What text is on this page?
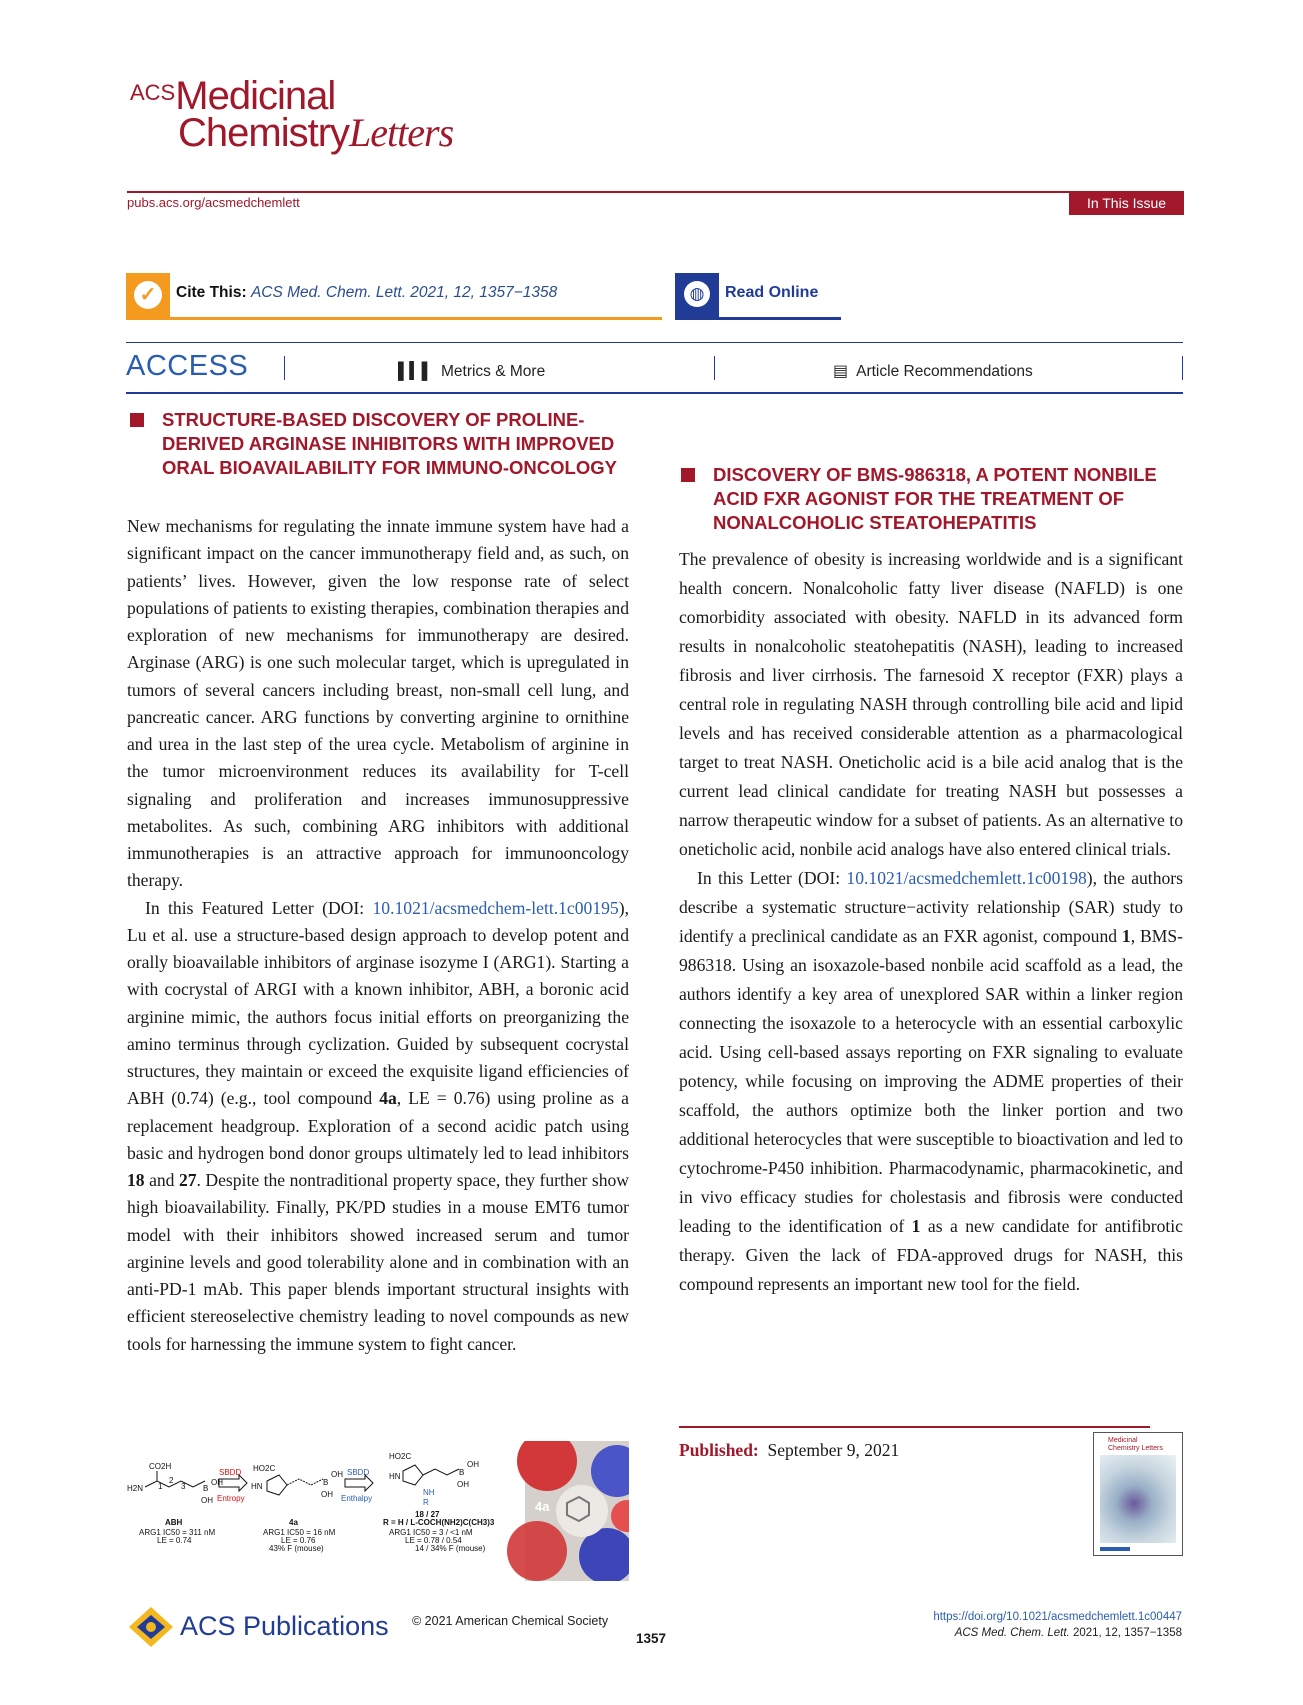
ACSMedicinal
ChemistryLetters
pubs.acs.org/acsmedchemlett	In This Issue
✓	Cite This: ACS Med. Chem. Lett. 2021, 12, 1357−1358	◍	Read Online
ACCESS	▌▍▌ Metrics & More	▤ Article Recommendations
STRUCTURE-BASED DISCOVERY OF PROLINE-DERIVED ARGINASE INHIBITORS WITH IMPROVED ORAL BIOAVAILABILITY FOR IMMUNO-ONCOLOGY

New mechanisms for regulating the innate immune system have had a significant impact on the cancer immunotherapy field and, as such, on patients’ lives. However, given the low response rate of select populations of patients to existing therapies, combination therapies and exploration of new mechanisms for immunotherapy are desired. Arginase (ARG) is one such molecular target, which is upregulated in tumors of several cancers including breast, non-small cell lung, and pancreatic cancer. ARG functions by converting arginine to ornithine and urea in the last step of the urea cycle. Metabolism of arginine in the tumor microenvironment reduces its availability for T-cell signaling and proliferation and increases immunosuppressive metabolites. As such, combining ARG inhibitors with additional immunotherapies is an attractive approach for immunooncology therapy.

In this Featured Letter (DOI: 10.1021/acsmedchem-lett.1c00195), Lu et al. use a structure-based design approach to develop potent and orally bioavailable inhibitors of arginase isozyme I (ARG1). Starting a with cocrystal of ARGI with a known inhibitor, ABH, a boronic acid arginine mimic, the authors focus initial efforts on preorganizing the amino terminus through cyclization. Guided by subsequent cocrystal structures, they maintain or exceed the exquisite ligand efficiencies of ABH (0.74) (e.g., tool compound 4a, LE = 0.76) using proline as a replacement headgroup. Exploration of a second acidic patch using basic and hydrogen bond donor groups ultimately led to lead inhibitors 18 and 27. Despite the nontraditional property space, they further show high bioavailability. Finally, PK/PD studies in a mouse EMT6 tumor model with their inhibitors showed increased serum and tumor arginine levels and good tolerability alone and in combination with an anti-PD-1 mAb. This paper blends important structural insights with efficient stereoselective chemistry leading to novel compounds as new tools for harnessing the immune system to fight cancer.

CO2H
H2N 1
2
3 B
OH
OH
ABH
ARG1 IC50 = 311 nM
LE = 0.74
SBDD
Entropy
HO2C
HN	B
OH
OH
4a
ARG1 IC50 = 16 nM
LE = 0.76
43% F (mouse)
SBDD
Enthalpy
HO2C
HN	B
OH
OH
NH
R
18 / 27
R = H / L-COCH(NH2)C(CH3)3
ARG1 IC50 = 3 / <1 nM
LE = 0.78 / 0.54
14 / 34% F (mouse)
4a
DISCOVERY OF BMS-986318, A POTENT NONBILE ACID FXR AGONIST FOR THE TREATMENT OF NONALCOHOLIC STEATOHEPATITIS

The prevalence of obesity is increasing worldwide and is a significant health concern. Nonalcoholic fatty liver disease (NAFLD) is one comorbidity associated with obesity. NAFLD in its advanced form results in nonalcoholic steatohepatitis (NASH), leading to increased fibrosis and liver cirrhosis. The farnesoid X receptor (FXR) plays a central role in regulating NASH through controlling bile acid and lipid levels and has received considerable attention as a pharmacological target to treat NASH. Oneticholic acid is a bile acid analog that is the current lead clinical candidate for treating NASH but possesses a narrow therapeutic window for a subset of patients. As an alternative to oneticholic acid, nonbile acid analogs have also entered clinical trials.

In this Letter (DOI: 10.1021/acsmedchemlett.1c00198), the authors describe a systematic structure−activity relationship (SAR) study to identify a preclinical candidate as an FXR agonist, compound 1, BMS-986318. Using an isoxazole-based nonbile acid scaffold as a lead, the authors identify a key area of unexplored SAR within a linker region connecting the isoxazole to a heterocycle with an essential carboxylic acid. Using cell-based assays reporting on FXR signaling to evaluate potency, while focusing on improving the ADME properties of their scaffold, the authors optimize both the linker portion and two additional heterocycles that were susceptible to bioactivation and led to cytochrome-P450 inhibition. Pharmacodynamic, pharmacokinetic, and in vivo efficacy studies for cholestasis and fibrosis were conducted leading to the identification of 1 as a new candidate for antifibrotic therapy. Given the lack of FDA-approved drugs for NASH, this compound represents an important new tool for the field.

Published: September 9, 2021	Medicinal
Chemistry Letters
ACS Publications © 2021 American Chemical Society
1357
https://doi.org/10.1021/acsmedchemlett.1c00447
ACS Med. Chem. Lett. 2021, 12, 1357−1358
